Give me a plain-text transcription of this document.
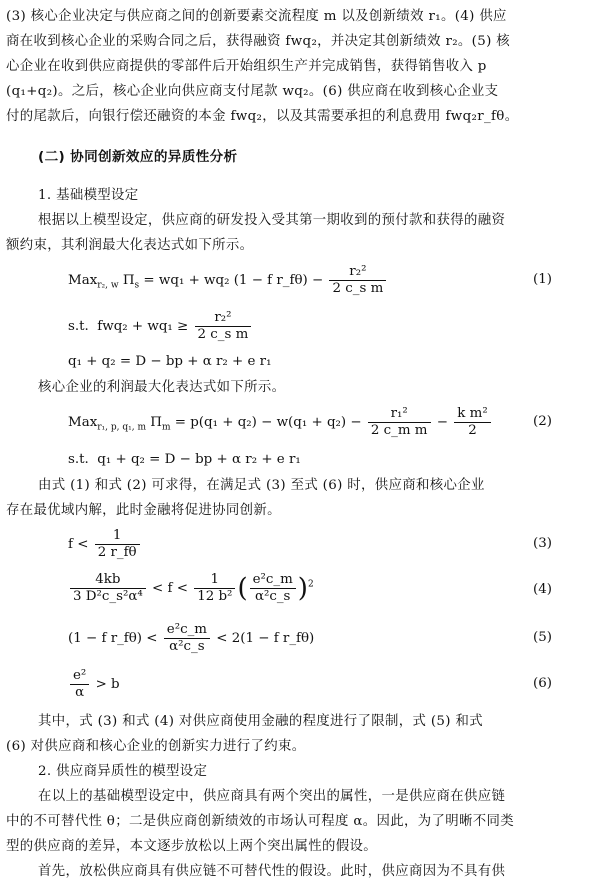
(3) 核心企业决定与供应商之间的创新要素交流程度 m 以及创新绩效 r₁。(4) 供应
商在收到核心企业的采购合同之后，获得融资 fwq₂，并决定其创新绩效 r₂。(5) 核
心企业在收到供应商提供的零部件后开始组织生产并完成销售，获得销售收入 p
(q₁+q₂)。之后，核心企业向供应商支付尾款 wq₂。(6) 供应商在收到核心企业支
付的尾款后，向银行偿还融资的本金 fwq₂，以及其需要承担的利息费用 fwq₂r_fθ。
(二) 协同创新效应的异质性分析
1. 基础模型设定
根据以上模型设定，供应商的研发投入受其第一期收到的预付款和获得的融资
额约束，其利润最大化表达式如下所示。
Max$_{r_2, w}$ $\Pi_s = wq_1 + wq_2$ (1 − f r_fθ) − $\frac{\text{r₂²}}{\text{2 c\_s m}}$	(1)
s.t. $fwq_2 + wq_1 \ge \frac{\text{r₂²}}{\text{2 c\_s m}}$
q₁ + q₂ = D − bp + α r₂ + e r₁
核心企业的利润最大化表达式如下所示。
Max$_{r_1, p, q_1, m}$ $\Pi_m = p(q_1 + q_2) - w(q_1 + q_2) - \frac{\text{r₁²}}{\text{2 c\_m m}} - \frac{\text{k m²}}{2}$	(2)
s.t. q₁ + q₂ = D − bp + α r₂ + e r₁
由式 (1) 和式 (2) 可求得，在满足式 (3) 至式 (6) 时，供应商和核心企业
存在最优域内解，此时金融将促进协同创新。
$f < \frac{1}{2 r\_f\theta}$	(3)
$\frac{4kb}{\text{3 D²c\_s²α⁴}} < f < \frac{1}{\text{12 b²}}$ ( $\frac{\text{e²c\_m}}{\text{α²c\_s}} )^2$	(4)
(1 − f r_fθ) < $\frac{\text{e²c\_m}}{\text{α²c\_s}} < 2(1 - f$ r_fθ)	(5)
$\frac{\text{e²}}{\alpha} > b$	(6)
其中，式 (3) 和式 (4) 对供应商使用金融的程度进行了限制，式 (5) 和式
(6) 对供应商和核心企业的创新实力进行了约束。
2. 供应商异质性的模型设定
在以上的基础模型设定中，供应商具有两个突出的属性，一是供应商在供应链
中的不可替代性 θ；二是供应商创新绩效的市场认可程度 α。因此，为了明晰不同类
型的供应商的差异，本文逐步放松以上两个突出属性的假设。
首先，放松供应商具有供应链不可替代性的假设。此时，供应商因为不具有供
